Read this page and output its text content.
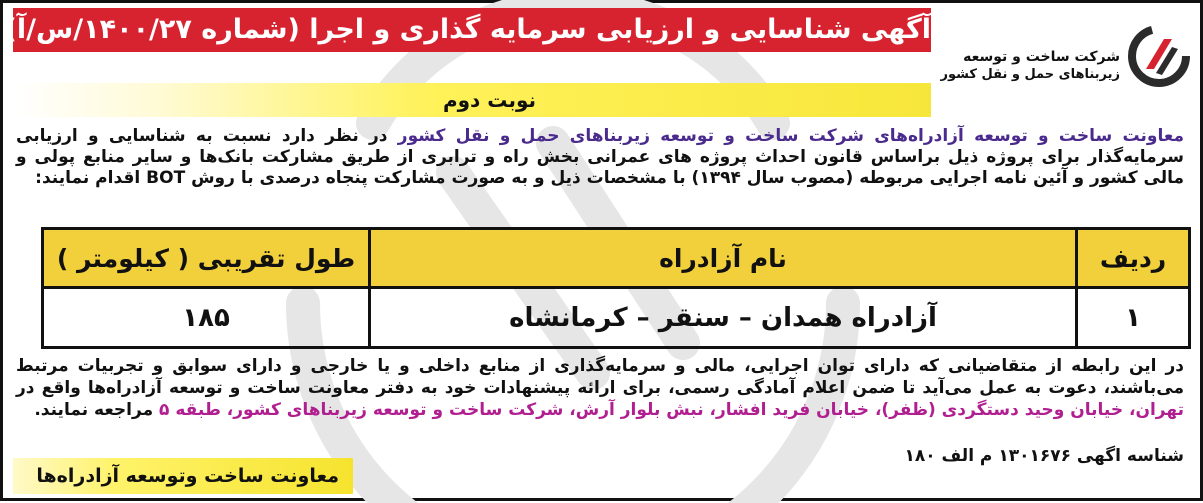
شرکت ساخت و توسعه
زیربناهای حمل و نقل کشور
آگهی شناسایی و ارزیابی سرمایه گذاری و اجرا (شماره ۱۴۰۰/۲۷/س/آ)
نوبت دوم
معاونت ساخت و توسعه آزادراه‌های شرکت ساخت و توسعه زیربناهای حمل و نقل کشور در نظر دارد نسبت به شناسایی و ارزیابی سرمایه‌گذار برای پروژه ذیل براساس قانون احداث پروژه های عمرانی بخش راه و ترابری از طریق مشارکت بانک‌ها و سایر منابع پولی و مالی کشور و آئین نامه اجرایی مربوطه (مصوب سال ۱۳۹۴) با مشخصات ذیل و به صورت مشارکت پنجاه درصدی با روش BOT اقدام نمایند:
ردیف
نام آزادراه
طول تقریبی ( کیلومتر )
۱
آزادراه همدان – سنقر – کرمانشاه
۱۸۵
در این رابطه از متقاضیانی که دارای توان اجرایی، مالی و سرمایه‌گذاری از منابع داخلی و یا خارجی و دارای سوابق و تجربیات مرتبط می‌باشند، دعوت به عمل می‌آید تا ضمن اعلام آمادگی رسمی، برای ارائه پیشنهادات خود به دفتر معاونت ساخت و توسعه آزادراه‌ها واقع در تهران، خیابان وحید دستگردی (ظفر)، خیابان فرید افشار، نبش بلوار آرش، شرکت ساخت و توسعه زیربناهای کشور، طبقه ۵ مراجعه نمایند.
شناسه اگهی ۱۳۰۱۶۷۶ م الف ۱۸۰
معاونت ساخت وتوسعه آزادراه‌ها
